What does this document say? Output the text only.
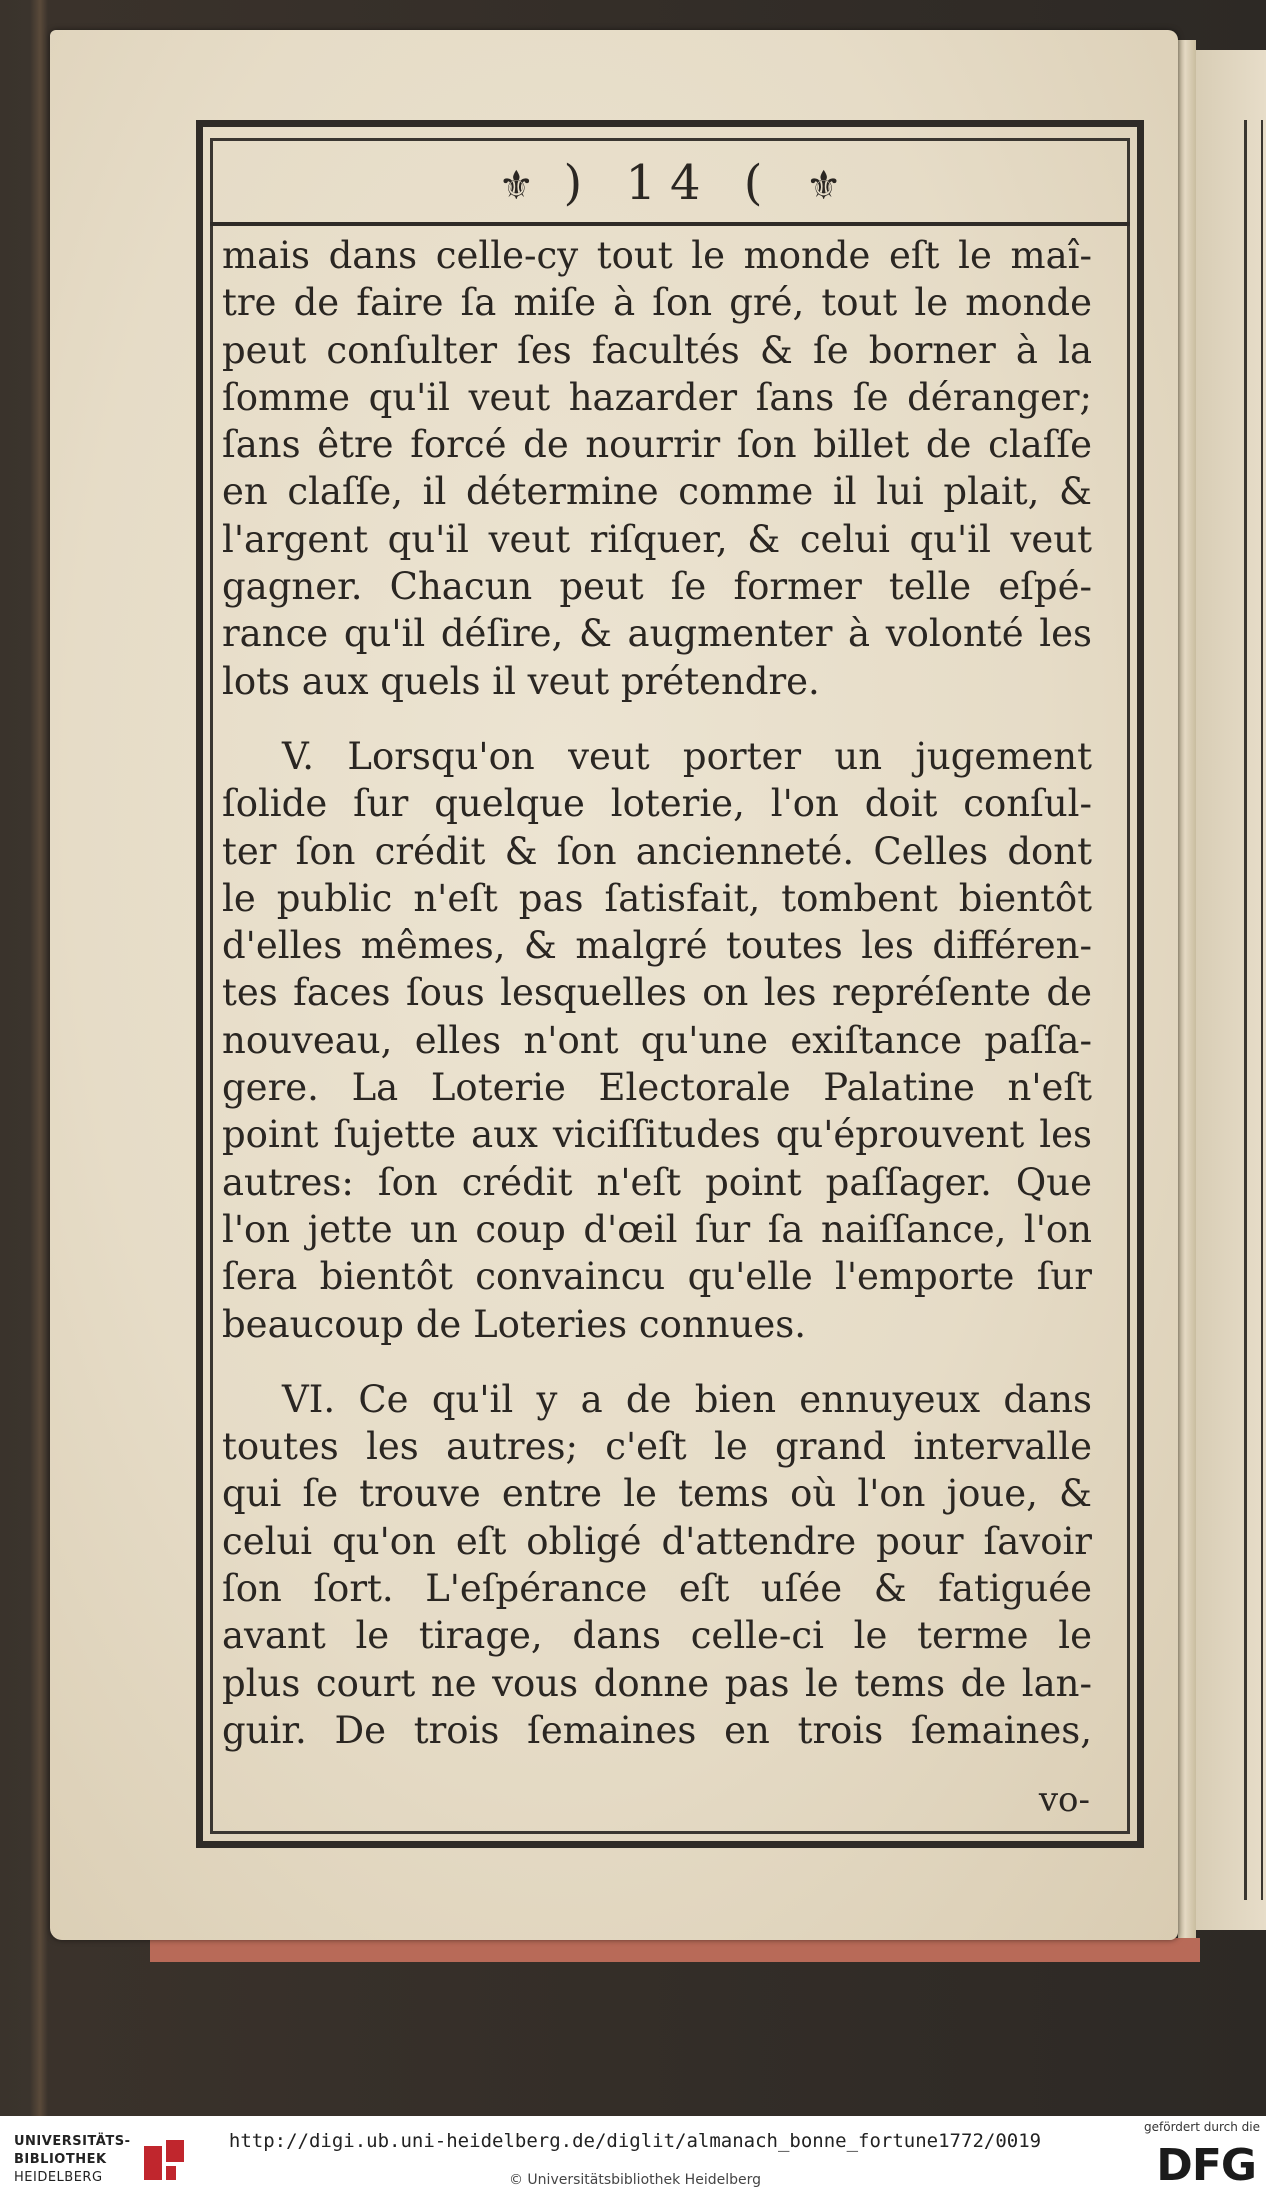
⚜ ) 14 ( ⚜
mais dans celle-cy tout le monde eſt le maî-
tre de faire ſa miſe à ſon gré, tout le monde
peut conſulter ſes facultés & ſe borner à la
ſomme qu'il veut hazarder ſans ſe déranger;
ſans être forcé de nourrir ſon billet de claſſe
en claſſe, il détermine comme il lui plait, &
l'argent qu'il veut riſquer, & celui qu'il veut
gagner. Chacun peut ſe former telle eſpé-
rance qu'il déſire, & augmenter à volonté les
lots aux quels il veut prétendre.
V. Lorsqu'on veut porter un jugement
ſolide ſur quelque loterie, l'on doit conſul-
ter ſon crédit & ſon ancienneté. Celles dont
le public n'eſt pas ſatisfait, tombent bientôt
d'elles mêmes, & malgré toutes les différen-
tes faces ſous lesquelles on les repréſente de
nouveau, elles n'ont qu'une exiſtance paſſa-
gere. La Loterie Electorale Palatine n'eſt
point ſujette aux viciſſitudes qu'éprouvent les
autres: ſon crédit n'eſt point paſſager. Que
l'on jette un coup d'œil ſur ſa naiſſance, l'on
ſera bientôt convaincu qu'elle l'emporte ſur
beaucoup de Loteries connues.
VI. Ce qu'il y a de bien ennuyeux dans
toutes les autres; c'eſt le grand intervalle
qui ſe trouve entre le tems où l'on joue, &
celui qu'on eſt obligé d'attendre pour ſavoir
ſon ſort. L'eſpérance eſt uſée & fatiguée
avant le tirage, dans celle-ci le terme le
plus court ne vous donne pas le tems de lan-
guir. De trois ſemaines en trois ſemaines,
vo-
UNIVERSITÄTS-
BIBLIOTHEK
HEIDELBERG
http://digi.ub.uni-heidelberg.de/diglit/almanach_bonne_fortune1772/0019
© Universitätsbibliothek Heidelberg
gefördert durch die
DFG
